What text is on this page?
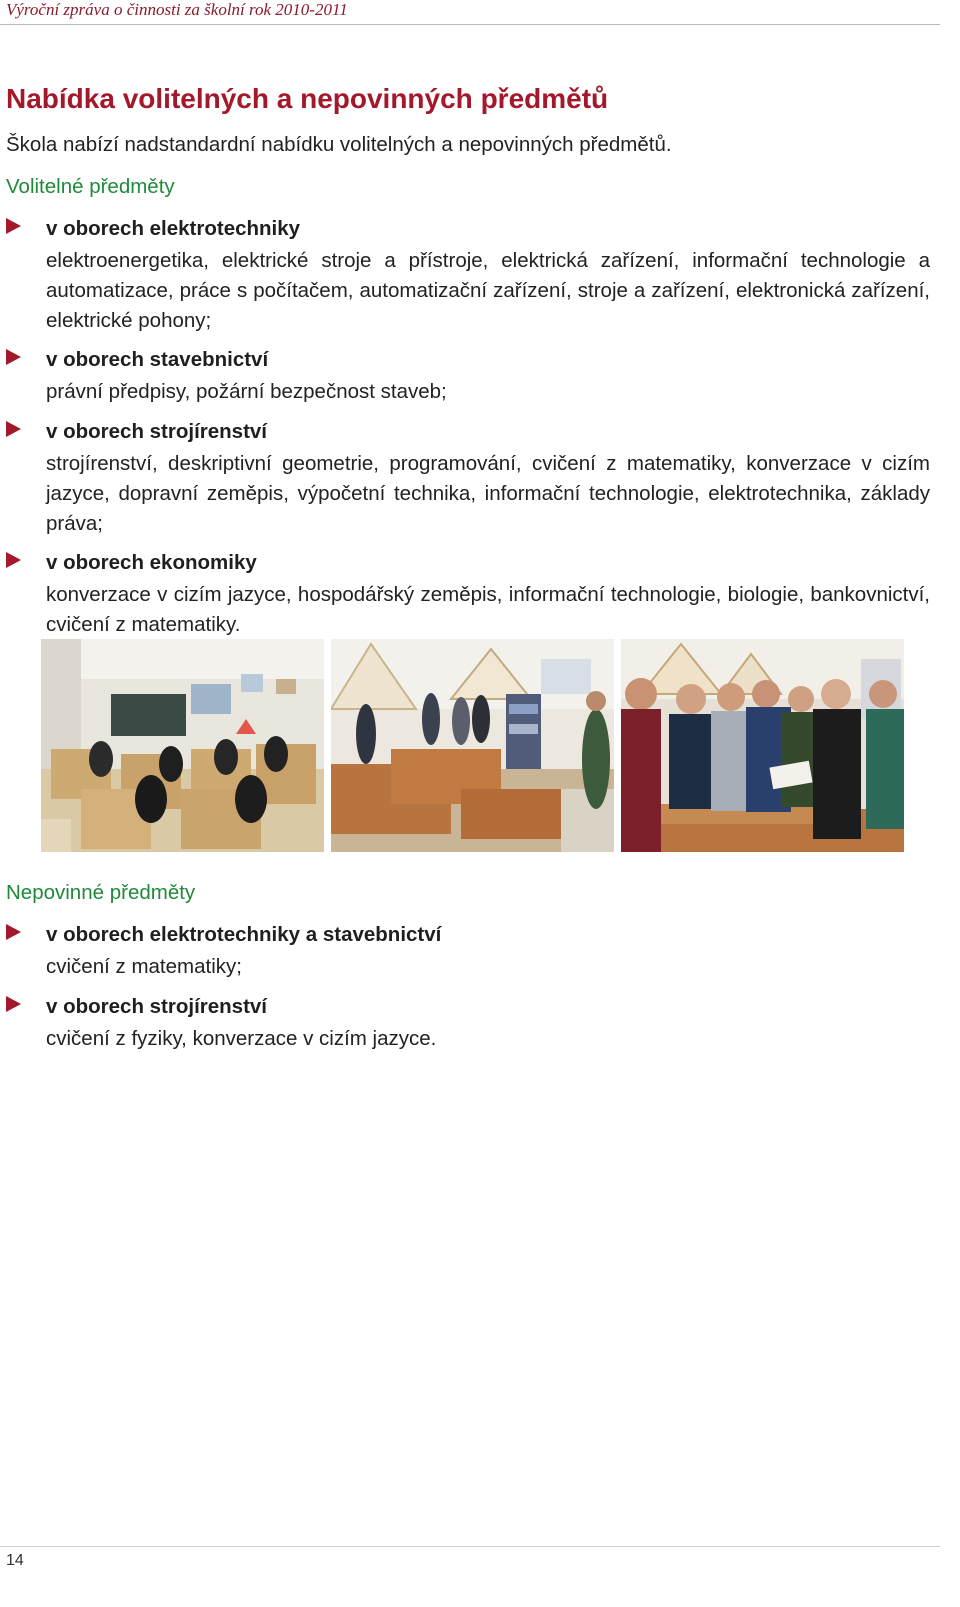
Výroční zpráva o činnosti za školní rok 2010-2011
Nabídka volitelných a nepovinných předmětů
Škola nabízí nadstandardní nabídku volitelných a nepovinných předmětů.
Volitelné předměty
v oborech elektrotechniky
elektroenergetika, elektrické stroje a přístroje, elektrická zařízení, informační technologie a automatizace, práce s počítačem, automatizační zařízení, stroje a zařízení, elektronická zařízení, elektrické pohony;
v oborech stavebnictví
právní předpisy, požární bezpečnost staveb;
v oborech strojírenství
strojírenství, deskriptivní geometrie, programování, cvičení z matematiky, konverzace v cizím jazyce, dopravní zeměpis, výpočetní technika, informační technologie, elektrotechnika, základy práva;
v oborech ekonomiky
konverzace v cizím jazyce, hospodářský zeměpis, informační technologie, biologie, bankovnictví, cvičení z matematiky.
Nepovinné předměty
v oborech elektrotechniky a stavebnictví
cvičení z matematiky;
v oborech strojírenství
cvičení z fyziky, konverzace v cizím jazyce.
14
